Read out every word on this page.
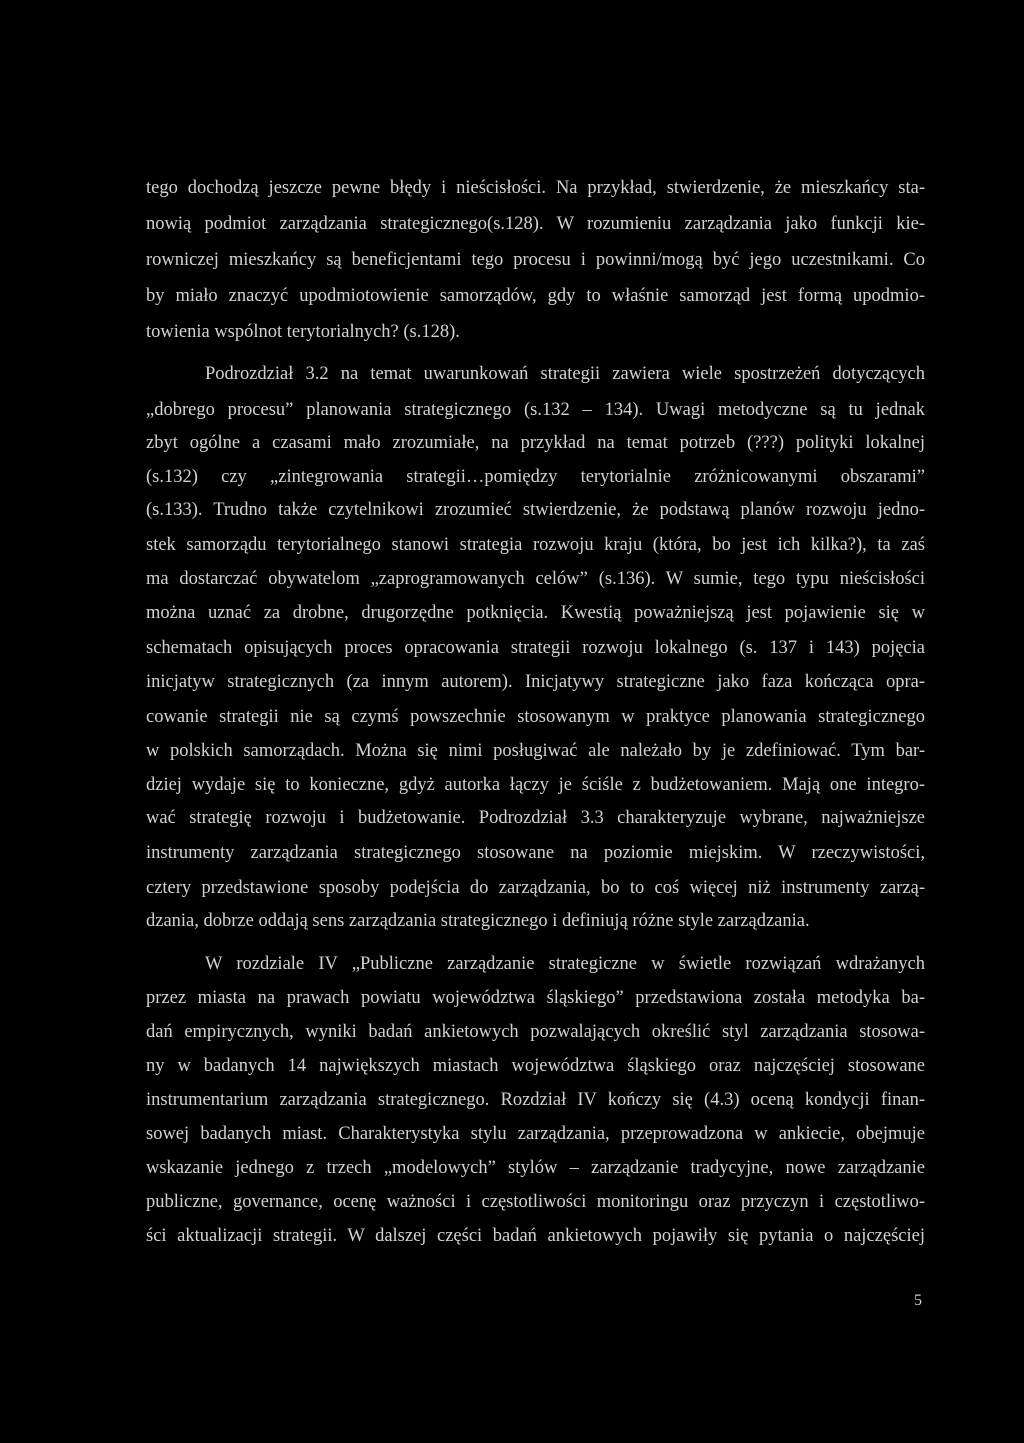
tego dochodzą jeszcze pewne błędy i nieścisłości. Na przykład, stwierdzenie, że mieszkańcy sta-
nowią podmiot zarządzania strategicznego(s.128). W rozumieniu zarządzania jako funkcji kie-
rowniczej mieszkańcy są beneficjentami tego procesu i powinni/mogą być jego uczestnikami. Co
by miało znaczyć upodmiotowienie samorządów, gdy to właśnie samorząd jest formą upodmio-
towienia wspólnot terytorialnych? (s.128).
Podrozdział 3.2 na temat uwarunkowań strategii zawiera wiele spostrzeżeń dotyczących
„dobrego procesu” planowania strategicznego (s.132 – 134). Uwagi metodyczne są tu jednak
zbyt ogólne a czasami mało zrozumiałe, na przykład na temat potrzeb (???) polityki lokalnej
(s.132) czy „zintegrowania strategii…pomiędzy terytorialnie zróżnicowanymi obszarami”
(s.133). Trudno także czytelnikowi zrozumieć stwierdzenie, że podstawą planów rozwoju jedno-
stek samorządu terytorialnego stanowi strategia rozwoju kraju (która, bo jest ich kilka?), ta zaś
ma dostarczać obywatelom „zaprogramowanych celów” (s.136). W sumie, tego typu nieścisłości
można uznać za drobne, drugorzędne potknięcia. Kwestią poważniejszą jest pojawienie się w
schematach opisujących proces opracowania strategii rozwoju lokalnego (s. 137 i 143) pojęcia
inicjatyw strategicznych (za innym autorem). Inicjatywy strategiczne jako faza kończąca opra-
cowanie strategii nie są czymś powszechnie stosowanym w praktyce planowania strategicznego
w polskich samorządach. Można się nimi posługiwać ale należało by je zdefiniować. Tym bar-
dziej wydaje się to konieczne, gdyż autorka łączy je ściśle z budżetowaniem. Mają one integro-
wać strategię rozwoju i budżetowanie. Podrozdział 3.3 charakteryzuje wybrane, najważniejsze
instrumenty zarządzania strategicznego stosowane na poziomie miejskim. W rzeczywistości,
cztery przedstawione sposoby podejścia do zarządzania, bo to coś więcej niż instrumenty zarzą-
dzania, dobrze oddają sens zarządzania strategicznego i definiują różne style zarządzania.
W rozdziale IV „Publiczne zarządzanie strategiczne w świetle rozwiązań wdrażanych
przez miasta na prawach powiatu województwa śląskiego” przedstawiona została metodyka ba-
dań empirycznych, wyniki badań ankietowych pozwalających określić styl zarządzania stosowa-
ny w badanych 14 największych miastach województwa śląskiego oraz najczęściej stosowane
instrumentarium zarządzania strategicznego. Rozdział IV kończy się (4.3) oceną kondycji finan-
sowej badanych miast. Charakterystyka stylu zarządzania, przeprowadzona w ankiecie, obejmuje
wskazanie jednego z trzech „modelowych” stylów – zarządzanie tradycyjne, nowe zarządzanie
publiczne, governance, ocenę ważności i częstotliwości monitoringu oraz przyczyn i częstotliwo-
ści aktualizacji strategii. W dalszej części badań ankietowych pojawiły się pytania o najczęściej
5
